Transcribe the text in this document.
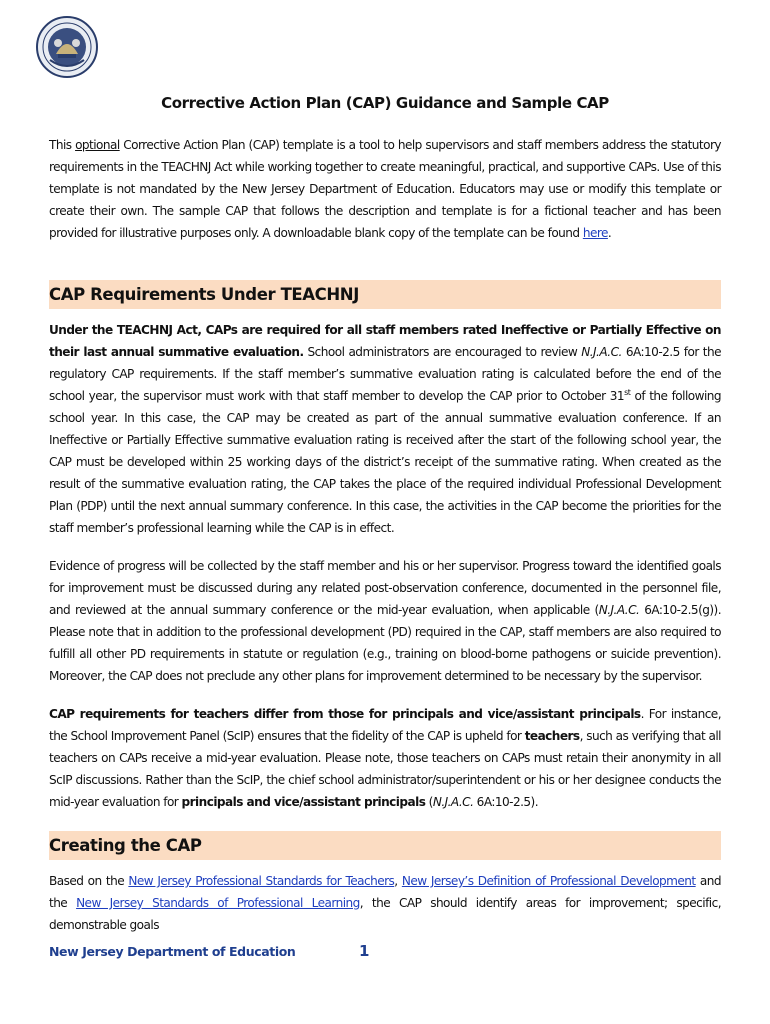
Corrective Action Plan (CAP) Guidance and Sample CAP

This optional Corrective Action Plan (CAP) template is a tool to help supervisors and staff members address the statutory requirements in the TEACHNJ Act while working together to create meaningful, practical, and supportive CAPs. Use of this template is not mandated by the New Jersey Department of Education. Educators may use or modify this template or create their own. The sample CAP that follows the description and template is for a fictional teacher and has been provided for illustrative purposes only. A downloadable blank copy of the template can be found here.

CAP Requirements Under TEACHNJ

Under the TEACHNJ Act, CAPs are required for all staff members rated Ineffective or Partially Effective on their last annual summative evaluation. School administrators are encouraged to review N.J.A.C. 6A:10-2.5 for the regulatory CAP requirements. If the staff member’s summative evaluation rating is calculated before the end of the school year, the supervisor must work with that staff member to develop the CAP prior to October 31st of the following school year. In this case, the CAP may be created as part of the annual summative evaluation conference. If an Ineffective or Partially Effective summative evaluation rating is received after the start of the following school year, the CAP must be developed within 25 working days of the district’s receipt of the summative rating. When created as the result of the summative evaluation rating, the CAP takes the place of the required individual Professional Development Plan (PDP) until the next annual summary conference. In this case, the activities in the CAP become the priorities for the staff member’s professional learning while the CAP is in effect.

Evidence of progress will be collected by the staff member and his or her supervisor. Progress toward the identified goals for improvement must be discussed during any related post-observation conference, documented in the personnel file, and reviewed at the annual summary conference or the mid-year evaluation, when applicable (N.J.A.C. 6A:10-2.5(g)). Please note that in addition to the professional development (PD) required in the CAP, staff members are also required to fulfill all other PD requirements in statute or regulation (e.g., training on blood-borne pathogens or suicide prevention). Moreover, the CAP does not preclude any other plans for improvement determined to be necessary by the supervisor.

CAP requirements for teachers differ from those for principals and vice/assistant principals. For instance, the School Improvement Panel (ScIP) ensures that the fidelity of the CAP is upheld for teachers, such as verifying that all teachers on CAPs receive a mid-year evaluation. Please note, those teachers on CAPs must retain their anonymity in all ScIP discussions. Rather than the ScIP, the chief school administrator/superintendent or his or her designee conducts the mid-year evaluation for principals and vice/assistant principals (N.J.A.C. 6A:10-2.5).

Creating the CAP

Based on the New Jersey Professional Standards for Teachers, New Jersey’s Definition of Professional Development and the New Jersey Standards of Professional Learning, the CAP should identify areas for improvement; specific, demonstrable goals

New Jersey Department of Education	1
